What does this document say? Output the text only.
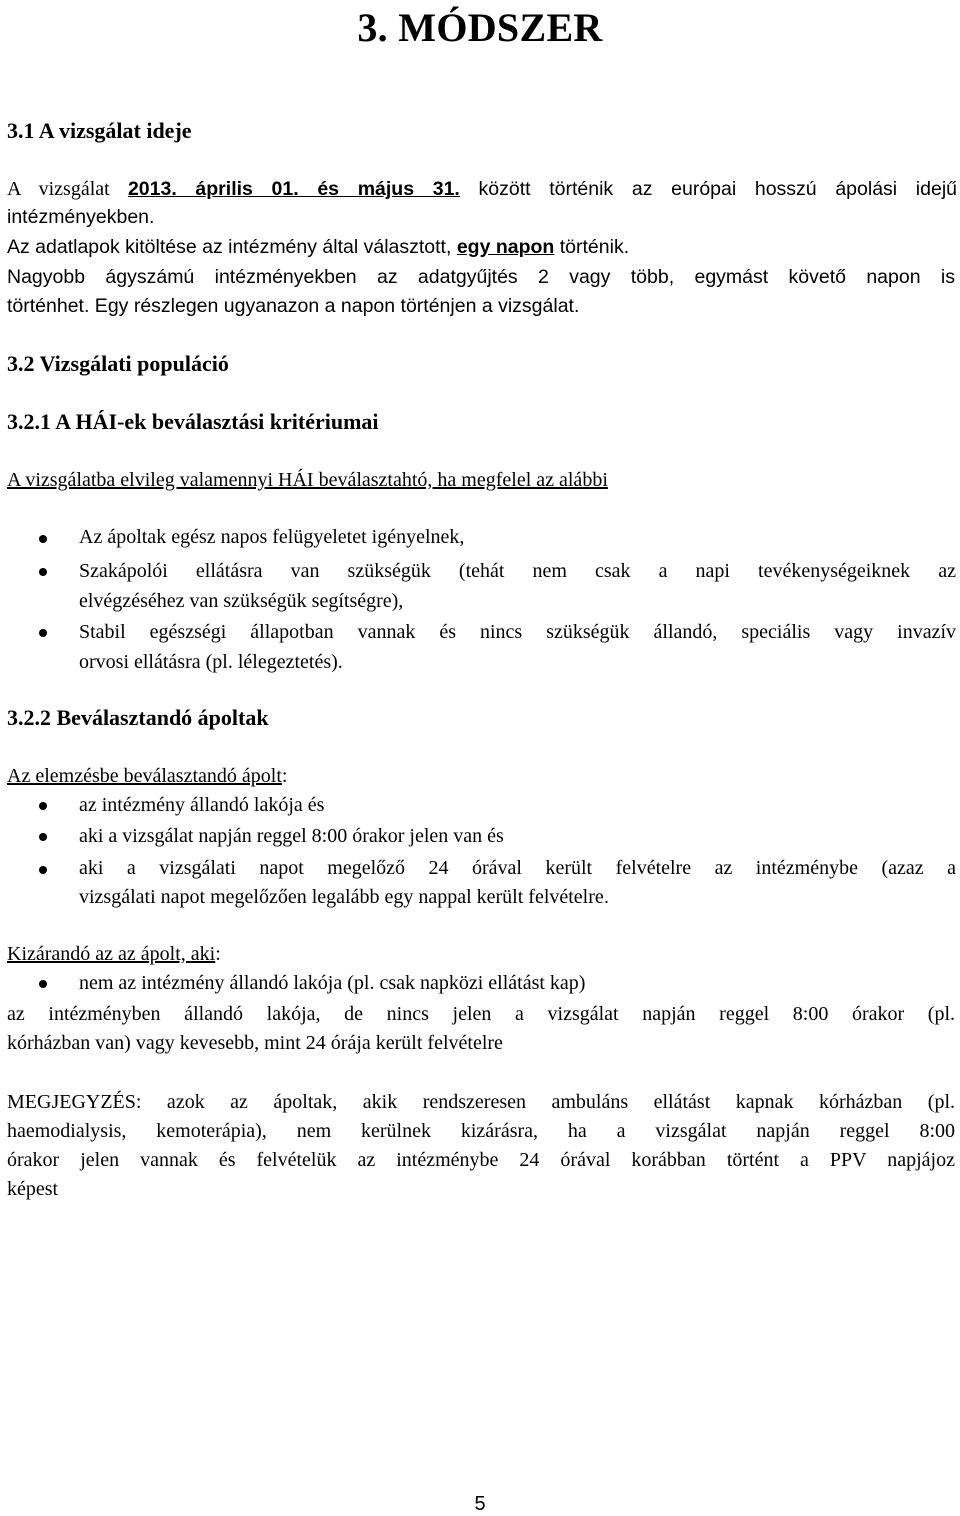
3. MÓDSZER
3.1 A vizsgálat ideje
A vizsgálat 2013. április 01. és május 31. között történik az európai hosszú ápolási idejű
intézményekben.
Az adatlapok kitöltése az intézmény által választott, egy napon történik.
Nagyobb ágyszámú intézményekben az adatgyűjtés 2 vagy több, egymást követő napon is
történhet. Egy részlegen ugyanazon a napon történjen a vizsgálat.
3.2 Vizsgálati populáció
3.2.1 A HÁI-ek beválasztási kritériumai
A vizsgálatba elvileg valamennyi HÁI beválasztahtó, ha megfelel az alábbi
Az ápoltak egész napos felügyeletet igényelnek,
Szakápolói ellátásra van szükségük (tehát nem csak a napi tevékenységeiknek az
elvégzéséhez van szükségük segítségre),
Stabil egészségi állapotban vannak és nincs szükségük állandó, speciális vagy invazív
orvosi ellátásra (pl. lélegeztetés).
3.2.2 Beválasztandó ápoltak
Az elemzésbe beválasztandó ápolt:
az intézmény állandó lakója és
aki a vizsgálat napján reggel 8:00 órakor jelen van és
aki a vizsgálati napot megelőző 24 órával került felvételre az intézménybe (azaz a
vizsgálati napot megelőzően legalább egy nappal került felvételre.
Kizárandó az az ápolt, aki:
nem az intézmény állandó lakója (pl. csak napközi ellátást kap)
az intézményben állandó lakója, de nincs jelen a vizsgálat napján reggel 8:00 órakor (pl.
kórházban van) vagy kevesebb, mint 24 órája került felvételre
MEGJEGYZÉS: azok az ápoltak, akik rendszeresen ambuláns ellátást kapnak kórházban (pl.
haemodialysis, kemoterápia), nem kerülnek kizárásra, ha a vizsgálat napján reggel 8:00
órakor jelen vannak és felvételük az intézménybe 24 órával korábban történt a PPV napjájoz
képest
5
